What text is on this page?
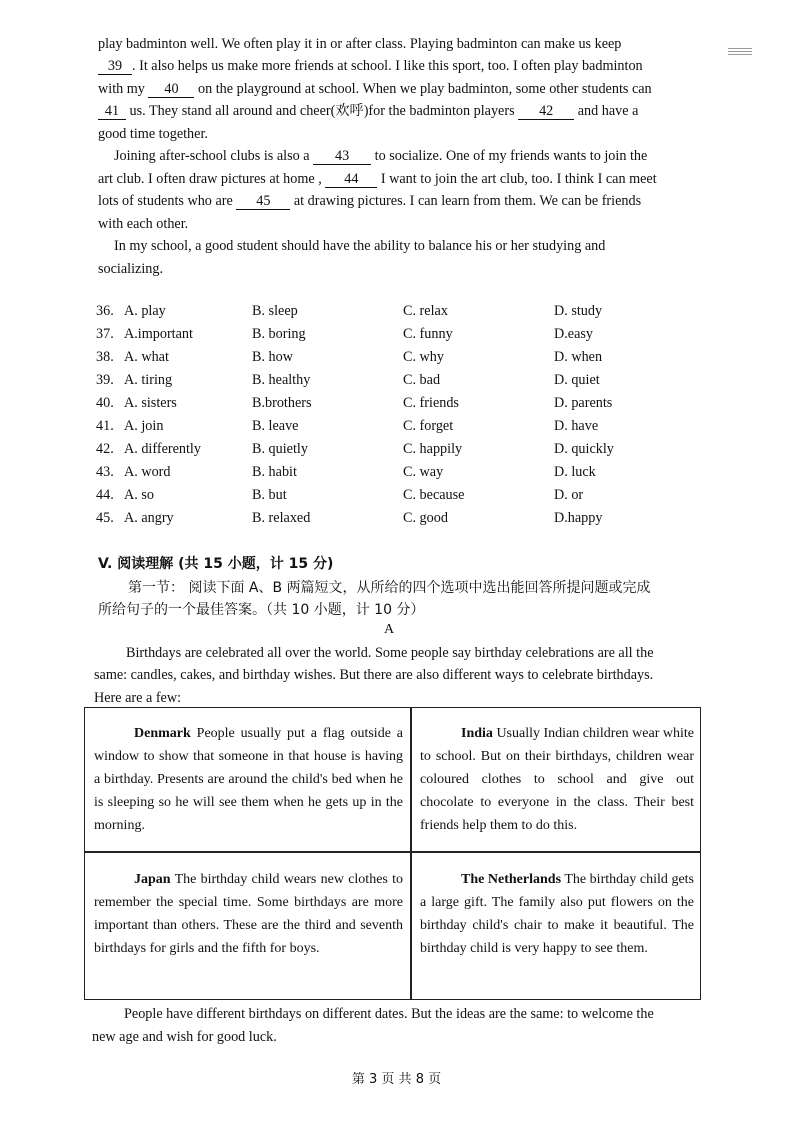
play badminton well. We often play it in or after class. Playing badminton can make us keep
39 . It also helps us make more friends at school. I like this sport, too. I often play badminton
with my 40 on the playground at school. When we play badminton, some other students can
41 us. They stand all around and cheer(欢呼)for the badminton players 42 and have a
good time together.
Joining after-school clubs is also a 43 to socialize. One of my friends wants to join the
art club. I often draw pictures at home , 44 I want to join the art club, too. I think I can meet
lots of students who are 45 at drawing pictures. I can learn from them. We can be friends
with each other.
In my school, a good student should have the ability to balance his or her studying and
socializing.
36. A. play	B. sleep	C. relax	D. study
37. A.important	B. boring	C. funny	D.easy
38. A. what	B. how	C. why	D. when
39. A. tiring	B. healthy	C. bad	D. quiet
40. A. sisters	B.brothers	C. friends	D. parents
41. A. join	B. leave	C. forget	D. have
42. A. differently	B. quietly	C. happily	D. quickly
43. A. word	B. habit	C. way	D. luck
44. A. so	B. but	C. because	D. or
45. A. angry	B. relaxed	C. good	D.happy
V. 阅读理解 (共 15 小题，计 15 分)
第一节： 阅读下面 A、B 两篇短文，从所给的四个选项中选出能回答所提问题或完成
所给句子的一个最佳答案。（共 10 小题，计 10 分）
A
Birthdays are celebrated all over the world. Some people say birthday celebrations are all the
same: candles, cakes, and birthday wishes. But there are also different ways to celebrate birthdays.
Here are a few:
Denmark People usually put a flag outside a window to show that someone in that house is having a birthday. Presents are around the child's bed when he is sleeping so he will see them when he gets up in the morning.
India Usually Indian children wear white to school. But on their birthdays, children wear coloured clothes to school and give out chocolate to everyone in the class. Their best friends help them to do this.
Japan The birthday child wears new clothes to remember the special time. Some birthdays are more important than others. These are the third and seventh birthdays for girls and the fifth for boys.
The Netherlands The birthday child gets a large gift. The family also put flowers on the birthday child's chair to make it beautiful. The birthday child is very happy to see them.
People have different birthdays on different dates. But the ideas are the same: to welcome the
new age and wish for good luck.
第 3 页 共 8 页
